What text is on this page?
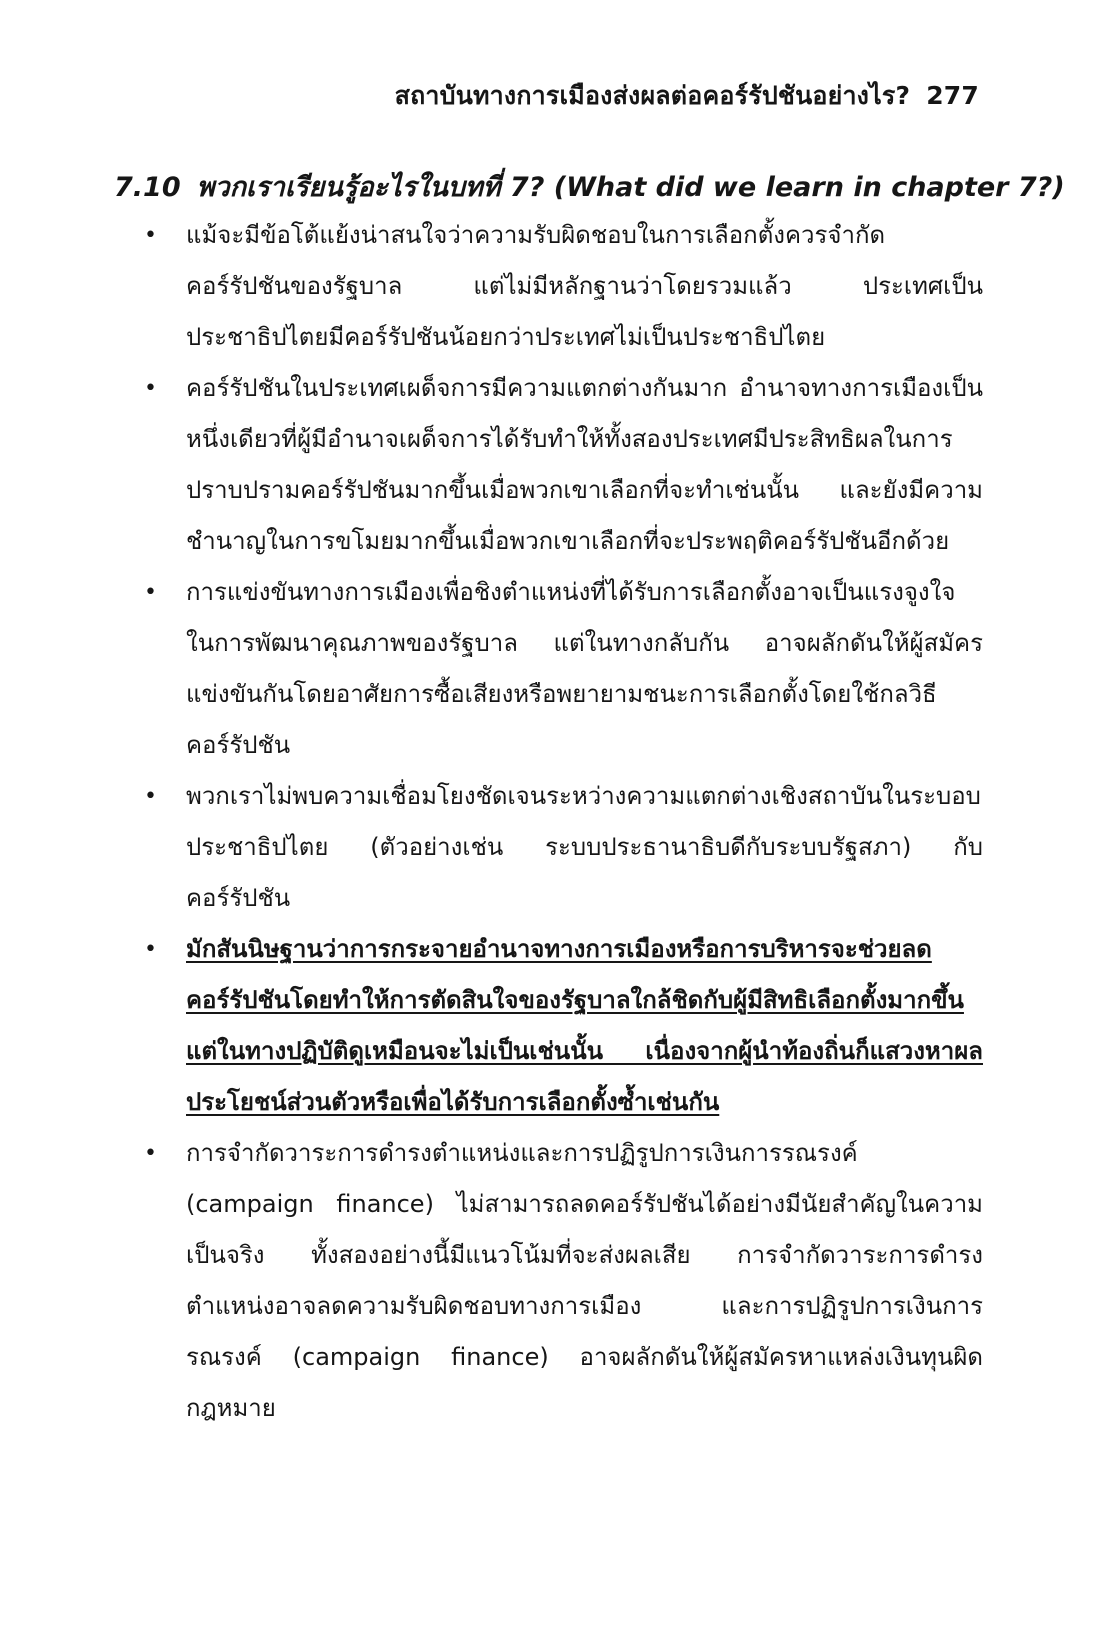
สถาบันทางการเมืองส่งผลต่อคอร์รัปชันอย่างไร? 277
7.10 พวกเราเรียนรู้อะไรในบทที่ 7? (What did we learn in chapter 7?)
• แม้จะมีข้อโต้แย้งน่าสนใจว่าความรับผิดชอบในการเลือกตั้งควรจำกัดคอร์รัปชันของรัฐบาล แต่ไม่มีหลักฐานว่าโดยรวมแล้ว ประเทศเป็นประชาธิปไตยมีคอร์รัปชันน้อยกว่าประเทศไม่เป็นประชาธิปไตย
• คอร์รัปชันในประเทศเผด็จการมีความแตกต่างกันมาก อำนาจทางการเมืองเป็นหนึ่งเดียวที่ผู้มีอำนาจเผด็จการได้รับทำให้ทั้งสองประเทศมีประสิทธิผลในการปราบปรามคอร์รัปชันมากขึ้นเมื่อพวกเขาเลือกที่จะทำเช่นนั้น และยังมีความชำนาญในการขโมยมากขึ้นเมื่อพวกเขาเลือกที่จะประพฤติคอร์รัปชันอีกด้วย
• การแข่งขันทางการเมืองเพื่อชิงตำแหน่งที่ได้รับการเลือกตั้งอาจเป็นแรงจูงใจในการพัฒนาคุณภาพของรัฐบาล แต่ในทางกลับกัน อาจผลักดันให้ผู้สมัครแข่งขันกันโดยอาศัยการซื้อเสียงหรือพยายามชนะการเลือกตั้งโดยใช้กลวิธีคอร์รัปชัน
• พวกเราไม่พบความเชื่อมโยงชัดเจนระหว่างความแตกต่างเชิงสถาบันในระบอบประชาธิปไตย (ตัวอย่างเช่น ระบบประธานาธิบดีกับระบบรัฐสภา) กับคอร์รัปชัน
• มักสันนิษฐานว่าการกระจายอำนาจทางการเมืองหรือการบริหารจะช่วยลดคอร์รัปชันโดยทำให้การตัดสินใจของรัฐบาลใกล้ชิดกับผู้มีสิทธิเลือกตั้งมากขึ้น แต่ในทางปฏิบัติดูเหมือนจะไม่เป็นเช่นนั้น เนื่องจากผู้นำท้องถิ่นก็แสวงหาผลประโยชน์ส่วนตัวหรือเพื่อได้รับการเลือกตั้งซ้ำเช่นกัน
• การจำกัดวาระการดำรงตำแหน่งและการปฏิรูปการเงินการรณรงค์ (campaign finance) ไม่สามารถลดคอร์รัปชันได้อย่างมีนัยสำคัญในความเป็นจริง ทั้งสองอย่างนี้มีแนวโน้มที่จะส่งผลเสีย การจำกัดวาระการดำรงตำแหน่งอาจลดความรับผิดชอบทางการเมือง และการปฏิรูปการเงินการรณรงค์ (campaign finance) อาจผลักดันให้ผู้สมัครหาแหล่งเงินทุนผิดกฎหมาย
